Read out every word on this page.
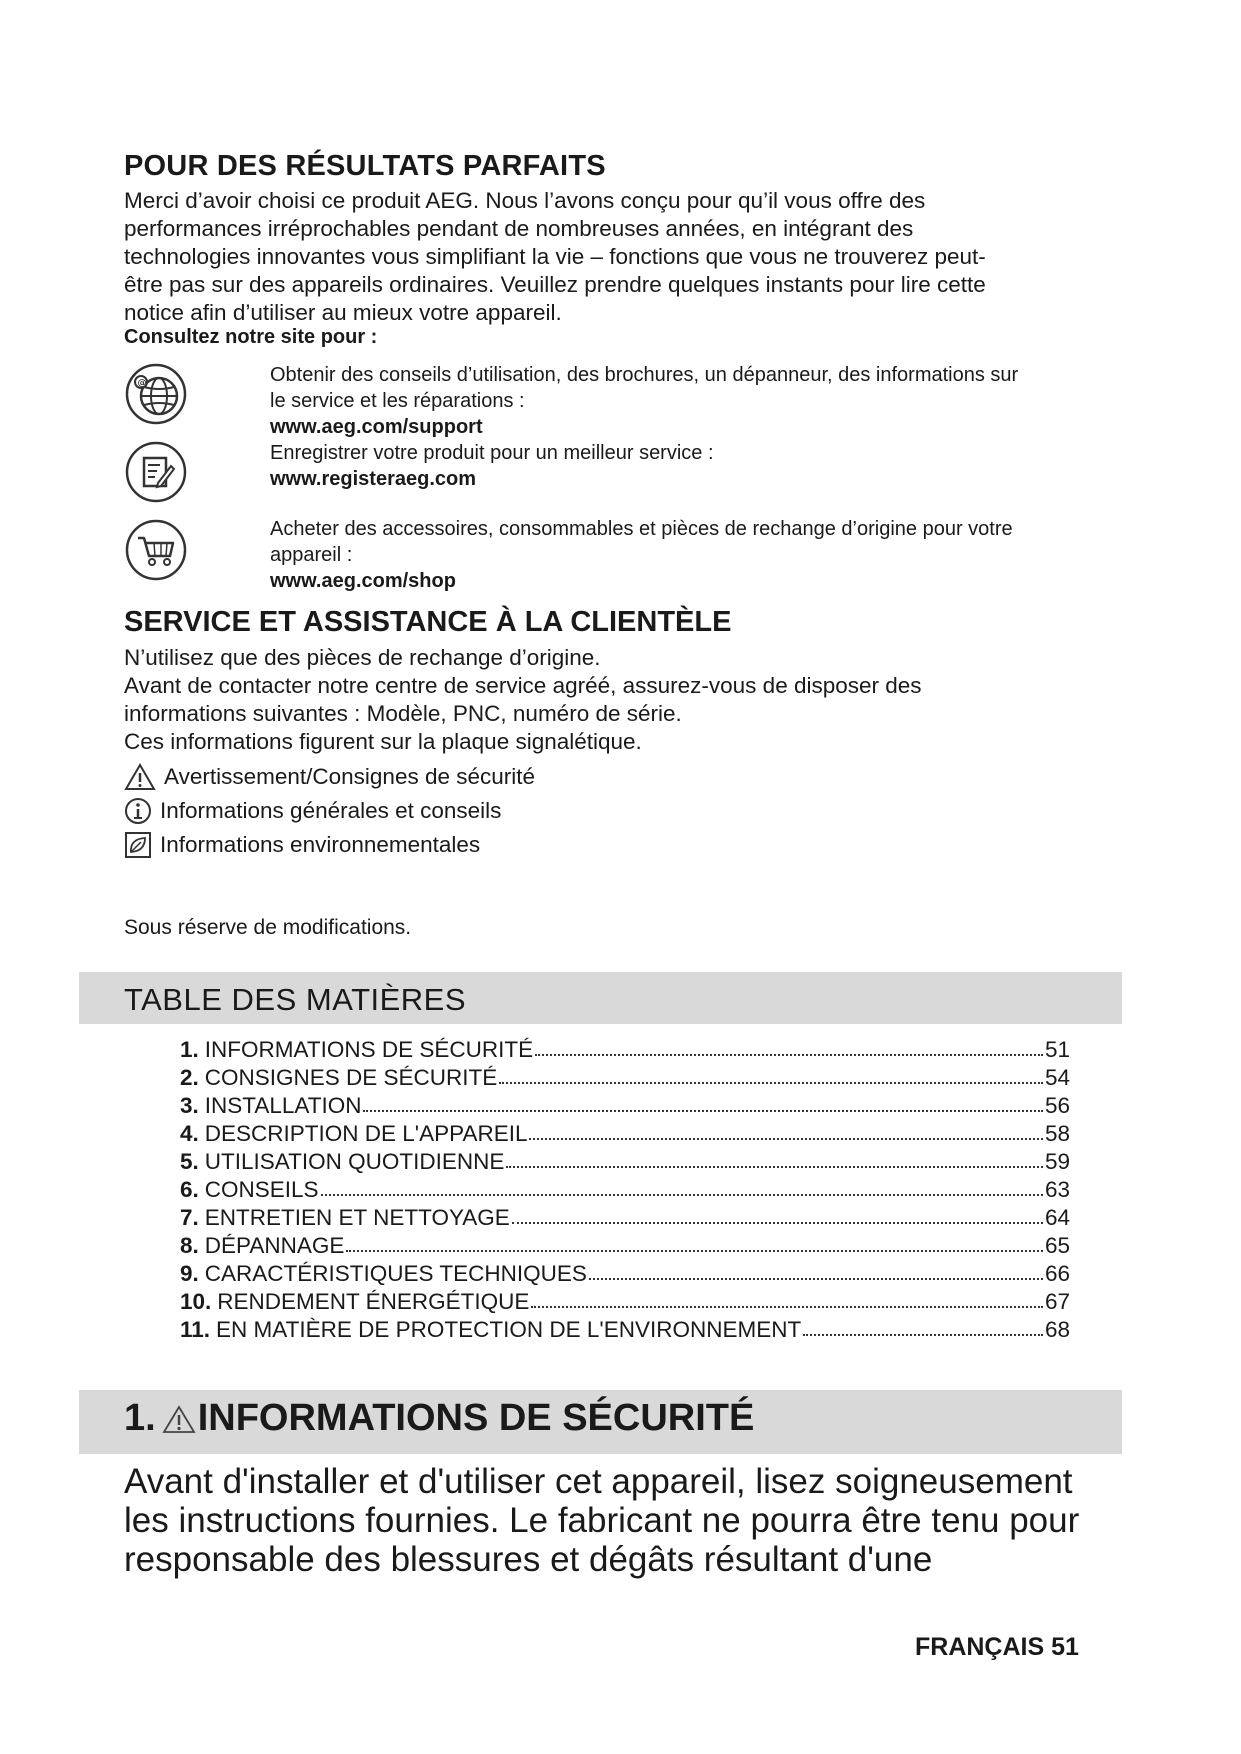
POUR DES RÉSULTATS PARFAITS

Merci d’avoir choisi ce produit AEG. Nous l’avons conçu pour qu’il vous offre des
performances irréprochables pendant de nombreuses années, en intégrant des
technologies innovantes vous simplifiant la vie – fonctions que vous ne trouverez peut-
être pas sur des appareils ordinaires. Veuillez prendre quelques instants pour lire cette
notice afin d’utiliser au mieux votre appareil.

Consultez notre site pour :

@	Obtenir des conseils d’utilisation, des brochures, un dépanneur, des informations sur
le service et les réparations :
www.aeg.com/support
Enregistrer votre produit pour un meilleur service :
www.registeraeg.com
Acheter des accessoires, consommables et pièces de rechange d’origine pour votre
appareil :
www.aeg.com/shop
SERVICE ET ASSISTANCE À LA CLIENTÈLE

N’utilisez que des pièces de rechange d’origine.

Avant de contacter notre centre de service agréé, assurez-vous de disposer des

informations suivantes : Modèle, PNC, numéro de série.

Ces informations figurent sur la plaque signalétique.

Avertissement/Consignes de sécurité
Informations générales et conseils
Informations environnementales

Sous réserve de modifications.

TABLE DES MATIÈRES
1. INFORMATIONS DE SÉCURITÉ	51
2. CONSIGNES DE SÉCURITÉ	54
3. INSTALLATION	56
4. DESCRIPTION DE L'APPAREIL	58
5. UTILISATION QUOTIDIENNE	59
6. CONSEILS	63
7. ENTRETIEN ET NETTOYAGE	64
8. DÉPANNAGE	65
9. CARACTÉRISTIQUES TECHNIQUES	66
10. RENDEMENT ÉNERGÉTIQUE	67
11. EN MATIÈRE DE PROTECTION DE L'ENVIRONNEMENT	68
1. INFORMATIONS DE SÉCURITÉ

Avant d'installer et d'utiliser cet appareil, lisez soigneusement
les instructions fournies. Le fabricant ne pourra être tenu pour
responsable des blessures et dégâts résultant d'une

FRANÇAIS 51
